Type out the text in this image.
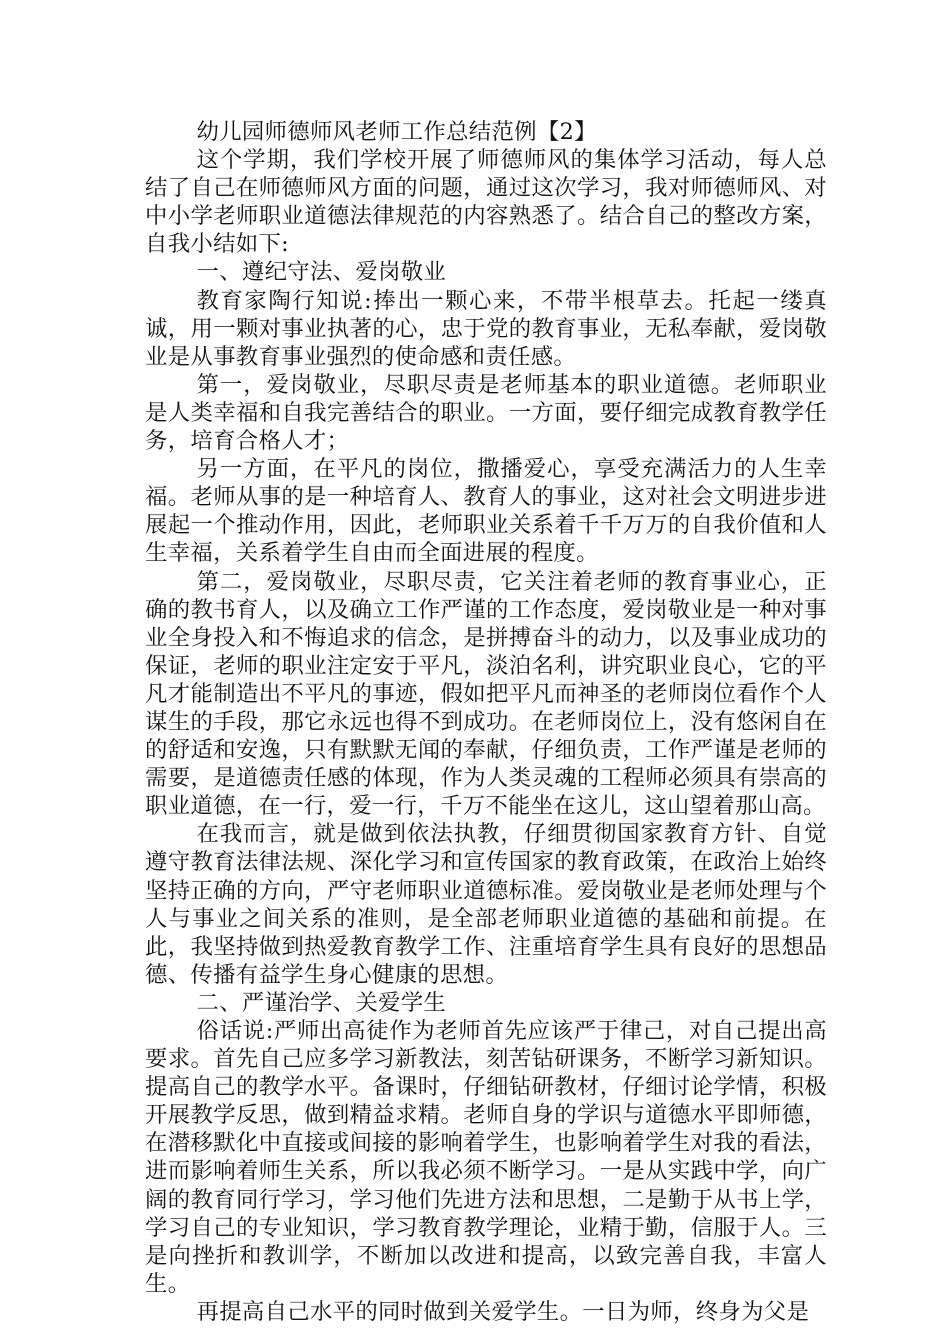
幼儿园师德师风老师工作总结范例【2】

这个学期，我们学校开展了师德师风的集体学习活动，每人总结了自己在师德师风方面的问题，通过这次学习，我对师德师风、对中小学老师职业道德法律规范的内容熟悉了。结合自己的整改方案，自我小结如下:

一、遵纪守法、爱岗敬业

教育家陶行知说:捧出一颗心来，不带半根草去。托起一缕真诚，用一颗对事业执著的心，忠于党的教育事业，无私奉献，爱岗敬业是从事教育事业强烈的使命感和责任感。

第一，爱岗敬业，尽职尽责是老师基本的职业道德。老师职业是人类幸福和自我完善结合的职业。一方面，要仔细完成教育教学任务，培育合格人才；

另一方面，在平凡的岗位，撒播爱心，享受充满活力的人生幸福。老师从事的是一种培育人、教育人的事业，这对社会文明进步进展起一个推动作用，因此，老师职业关系着千千万万的自我价值和人生幸福，关系着学生自由而全面进展的程度。

第二，爱岗敬业，尽职尽责，它关注着老师的教育事业心，正确的教书育人，以及确立工作严谨的工作态度，爱岗敬业是一种对事业全身投入和不悔追求的信念，是拼搏奋斗的动力，以及事业成功的保证，老师的职业注定安于平凡，淡泊名利，讲究职业良心，它的平凡才能制造出不平凡的事迹，假如把平凡而神圣的老师岗位看作个人谋生的手段，那它永远也得不到成功。在老师岗位上，没有悠闲自在的舒适和安逸，只有默默无闻的奉献，仔细负责，工作严谨是老师的需要，是道德责任感的体现，作为人类灵魂的工程师必须具有崇高的职业道德，在一行，爱一行，千万不能坐在这儿，这山望着那山高。

在我而言，就是做到依法执教，仔细贯彻国家教育方针、自觉遵守教育法律法规、深化学习和宣传国家的教育政策，在政治上始终坚持正确的方向，严守老师职业道德标准。爱岗敬业是老师处理与个人与事业之间关系的准则，是全部老师职业道德的基础和前提。在此，我坚持做到热爱教育教学工作、注重培育学生具有良好的思想品德、传播有益学生身心健康的思想。

二、严谨治学、关爱学生

俗话说:严师出高徒作为老师首先应该严于律己，对自己提出高要求。首先自己应多学习新教法，刻苦钻研课务，不断学习新知识。提高自己的教学水平。备课时，仔细钻研教材，仔细讨论学情，积极开展教学反思，做到精益求精。老师自身的学识与道德水平即师德，在潜移默化中直接或间接的影响着学生，也影响着学生对我的看法，进而影响着师生关系，所以我必须不断学习。一是从实践中学，向广阔的教育同行学习，学习他们先进方法和思想，二是勤于从书上学，学习自己的专业知识，学习教育教学理论，业精于勤，信服于人。三是向挫折和教训学，不断加以改进和提高，以致完善自我，丰富人生。

再提高自己水平的同时做到关爱学生。一日为师，终身为父是
